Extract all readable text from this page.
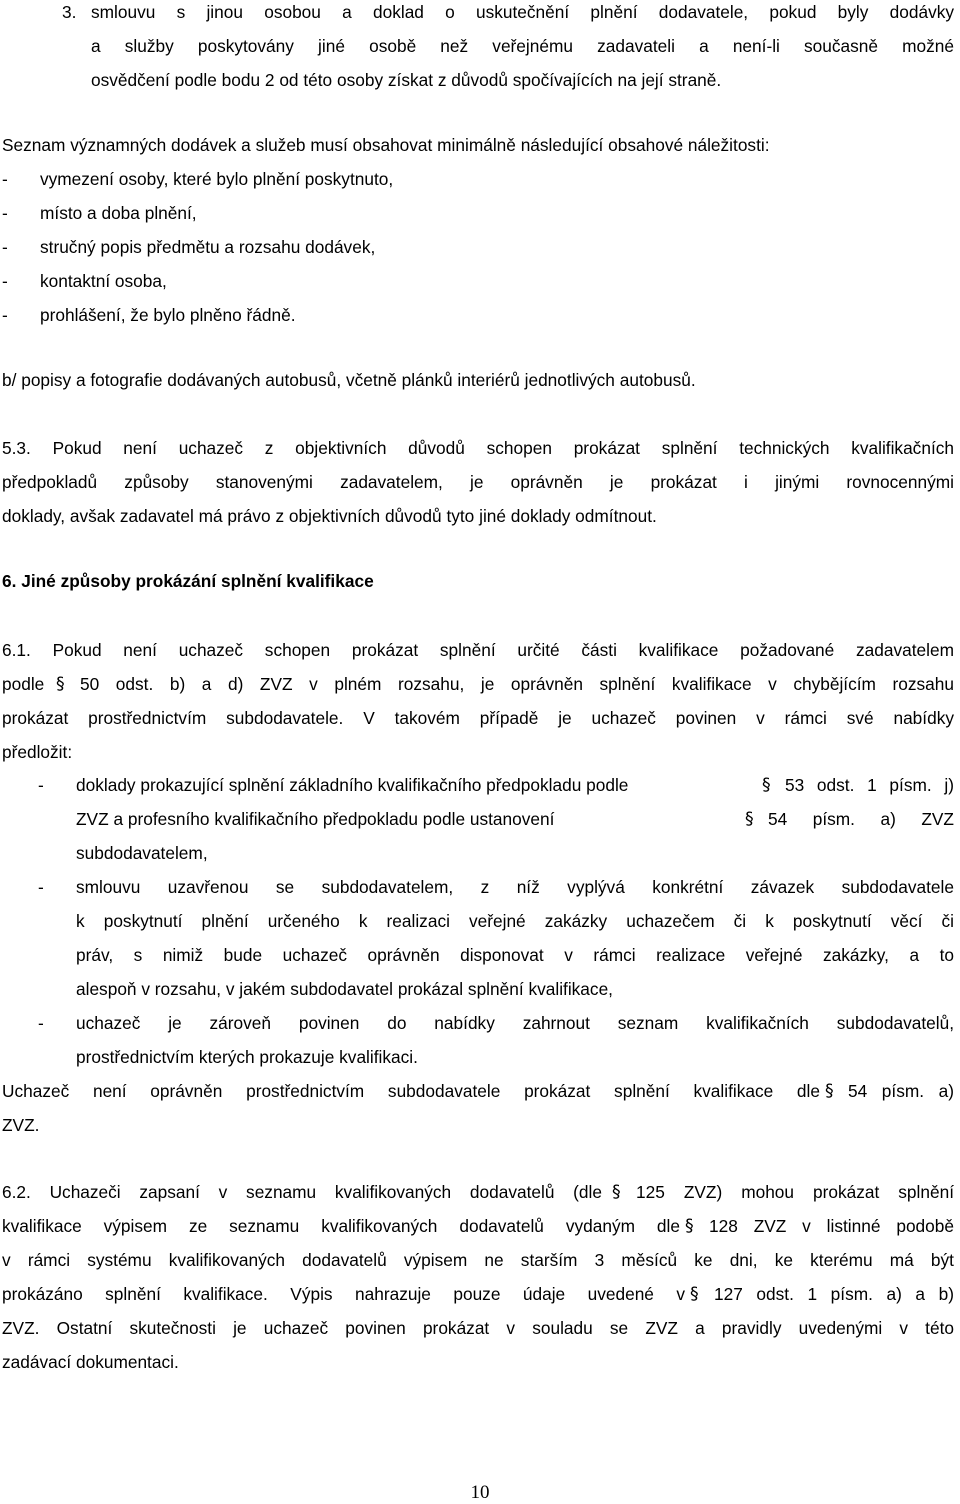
3. smlouvu s jinou osobou a doklad o uskutečnění plnění dodavatele, pokud byly dodávky
a služby poskytovány jiné osobě než veřejnému zadavateli a není-li současně možné
osvědčení podle bodu 2 od této osoby získat z důvodů spočívajících na její straně.
Seznam významných dodávek a služeb musí obsahovat minimálně následující obsahové náležitosti:
- vymezení osoby, které bylo plnění poskytnuto,
- místo a doba plnění,
- stručný popis předmětu a rozsahu dodávek,
- kontaktní osoba,
- prohlášení, že bylo plněno řádně.
b/ popisy a fotografie dodávaných autobusů, včetně plánků interiérů jednotlivých autobusů.
5.3. Pokud není uchazeč z objektivních důvodů schopen prokázat splnění technických kvalifikačních
předpokladů způsoby stanovenými zadavatelem, je oprávněn je prokázat i jinými rovnocennými
doklady, avšak zadavatel má právo z objektivních důvodů tyto jiné doklady odmítnout.
6. Jiné způsoby prokázání splnění kvalifikace
6.1. Pokud není uchazeč schopen prokázat splnění určité části kvalifikace požadované zadavatelem
podle § 50 odst. b) a d) ZVZ v plném rozsahu, je oprávněn splnění kvalifikace v chybějícím rozsahu
prokázat prostřednictvím subdodavatele. V takovém případě je uchazeč povinen v rámci své nabídky
předložit:
- doklady prokazující splnění základního kvalifikačního předpokladu podle	§ 53 odst. 1 písm. j)
ZVZ a profesního kvalifikačního předpokladu podle ustanovení	§ 54 písm. a) ZVZ
subdodavatelem,
- smlouvu uzavřenou se subdodavatelem, z níž vyplývá konkrétní závazek subdodavatele
k poskytnutí plnění určeného k realizaci veřejné zakázky uchazečem či k poskytnutí věcí či
práv, s nimiž bude uchazeč oprávněn disponovat v rámci realizace veřejné zakázky, a to
alespoň v rozsahu, v jakém subdodavatel prokázal splnění kvalifikace,
- uchazeč je zároveň povinen do nabídky zahrnout seznam kvalifikačních subdodavatelů,
prostřednictvím kterých prokazuje kvalifikaci.
Uchazeč není oprávněn prostřednictvím subdodavatele prokázat splnění kvalifikace dle § 54 písm. a)
ZVZ.
6.2. Uchazeči zapsaní v seznamu kvalifikovaných dodavatelů (dle § 125 ZVZ) mohou prokázat splnění
kvalifikace výpisem ze seznamu kvalifikovaných dodavatelů vydaným dle § 128 ZVZ v listinné podobě
v rámci systému kvalifikovaných dodavatelů výpisem ne starším 3 měsíců ke dni, ke kterému má být
prokázáno splnění kvalifikace. Výpis nahrazuje pouze údaje uvedené v § 127 odst. 1 písm. a) a b)
ZVZ. Ostatní skutečnosti je uchazeč povinen prokázat v souladu se ZVZ a pravidly uvedenými v této
zadávací dokumentaci.
10
